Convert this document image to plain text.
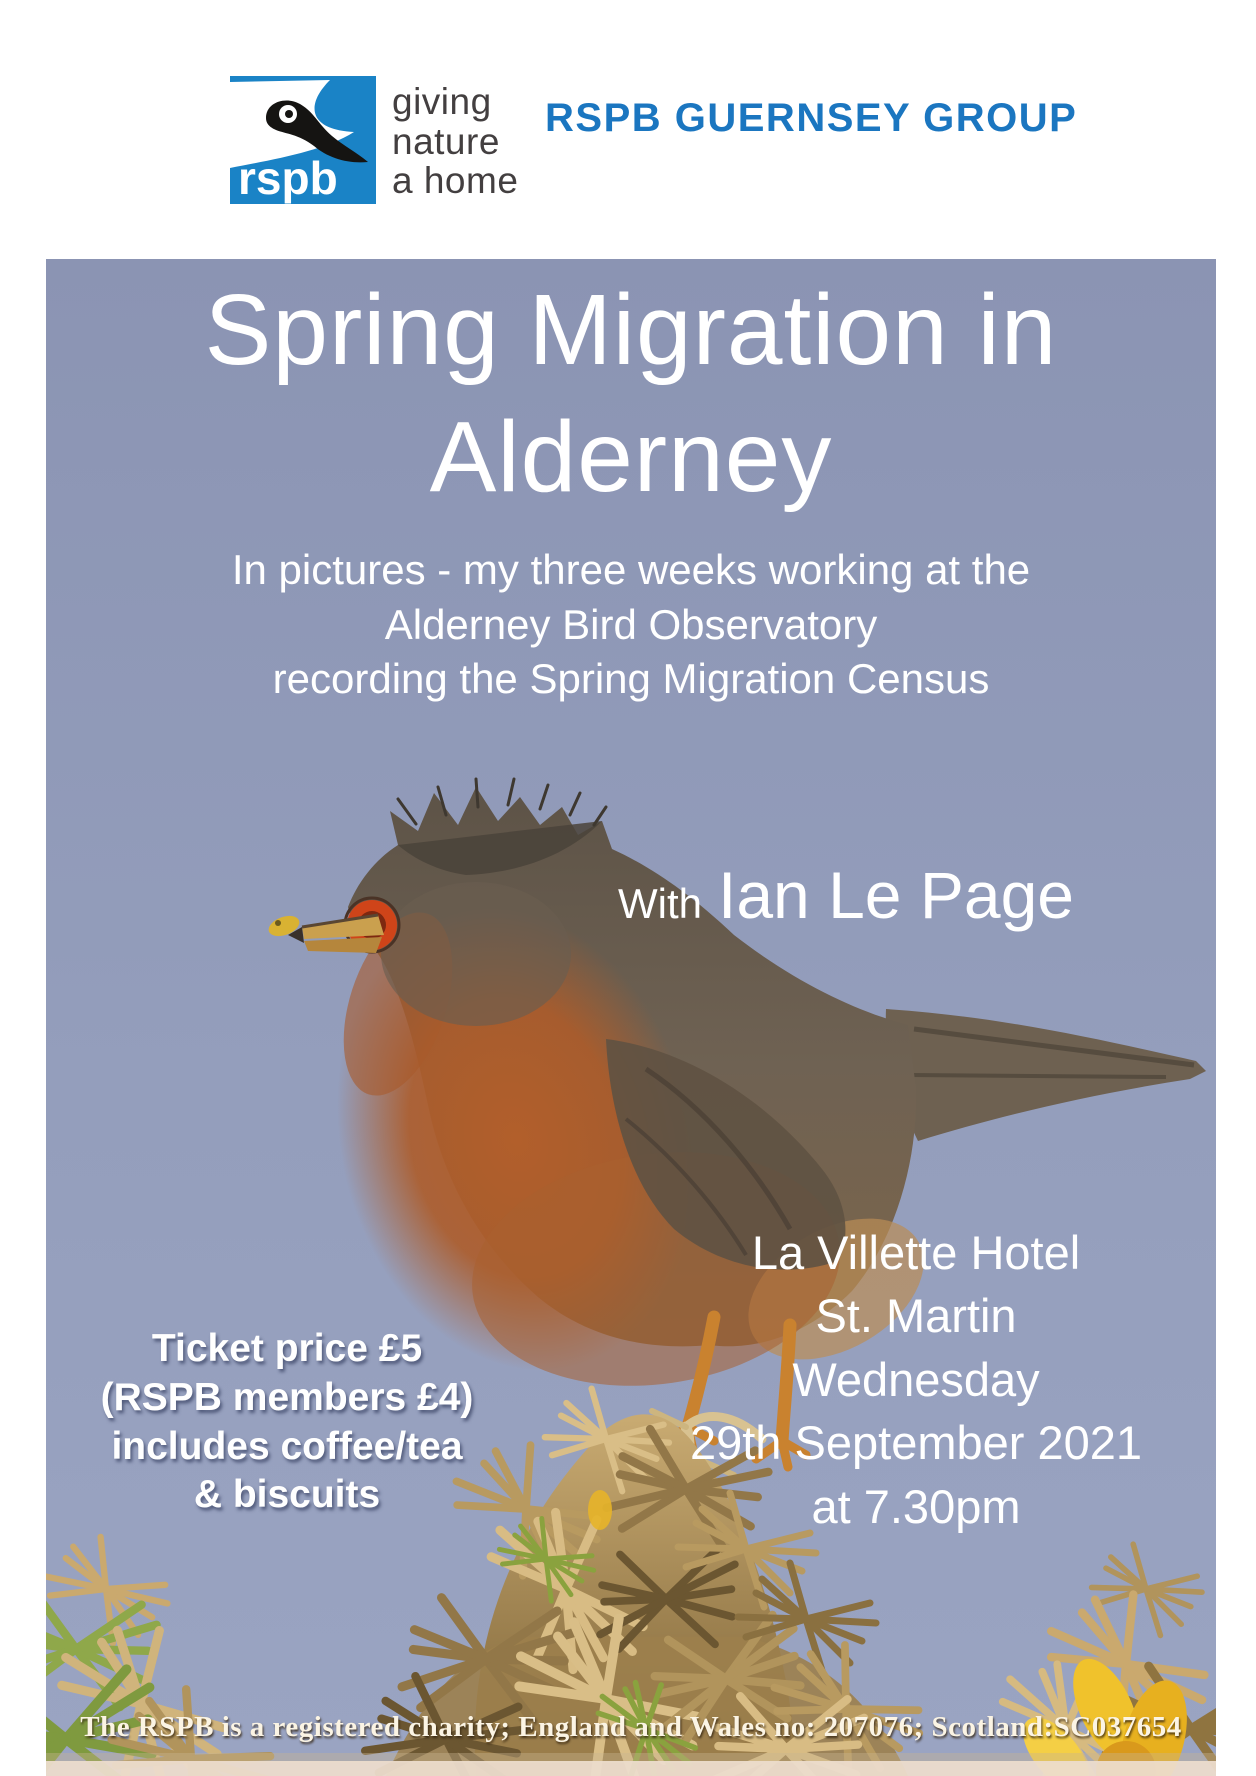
rspb
giving
nature
a home
RSPB GUERNSEY GROUP
Spring Migration in
Alderney
In pictures - my three weeks working at the
Alderney Bird Observatory
recording the Spring Migration Census
With Ian Le Page
Ticket price £5
(RSPB members £4)
includes coffee/tea
& biscuits
La Villette Hotel
St. Martin
Wednesday
29th September 2021
at 7.30pm
The RSPB is a registered charity; England and Wales no: 207076; Scotland:SC037654
